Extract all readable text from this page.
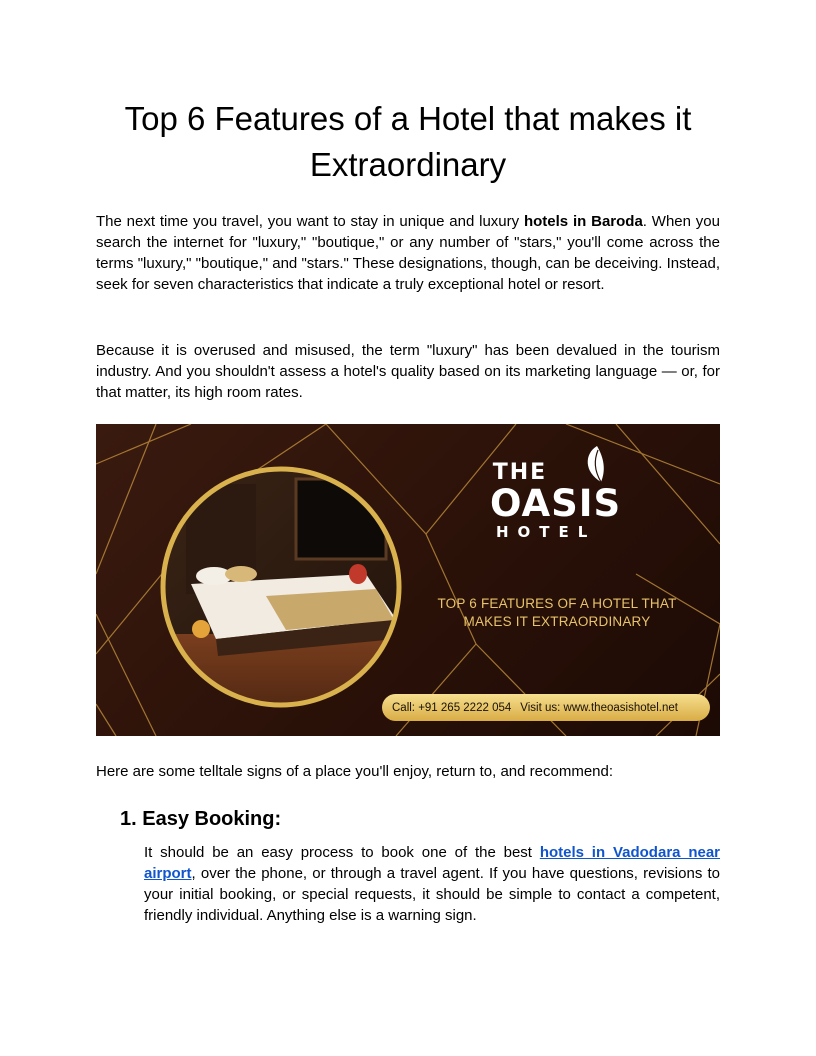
Top 6 Features of a Hotel that makes it Extraordinary

The next time you travel, you want to stay in unique and luxury hotels in Baroda. When you search the internet for "luxury," "boutique," or any number of "stars," you'll come across the terms "luxury," "boutique," and "stars." These designations, though, can be deceiving. Instead, seek for seven characteristics that indicate a truly exceptional hotel or resort.

Because it is overused and misused, the term "luxury" has been devalued in the tourism industry. And you shouldn't assess a hotel's quality based on its marketing language — or, for that matter, its high room rates.

THE
OASIS
HOTEL
TOP 6 FEATURES OF A HOTEL THAT
MAKES IT EXTRAORDINARY
Call: +91 265 2222 054 Visit us: www.theoasishotel.net

Here are some telltale signs of a place you'll enjoy, return to, and recommend:

1. Easy Booking:

It should be an easy process to book one of the best hotels in Vadodara near airport, over the phone, or through a travel agent. If you have questions, revisions to your initial booking, or special requests, it should be simple to contact a competent, friendly individual. Anything else is a warning sign.
